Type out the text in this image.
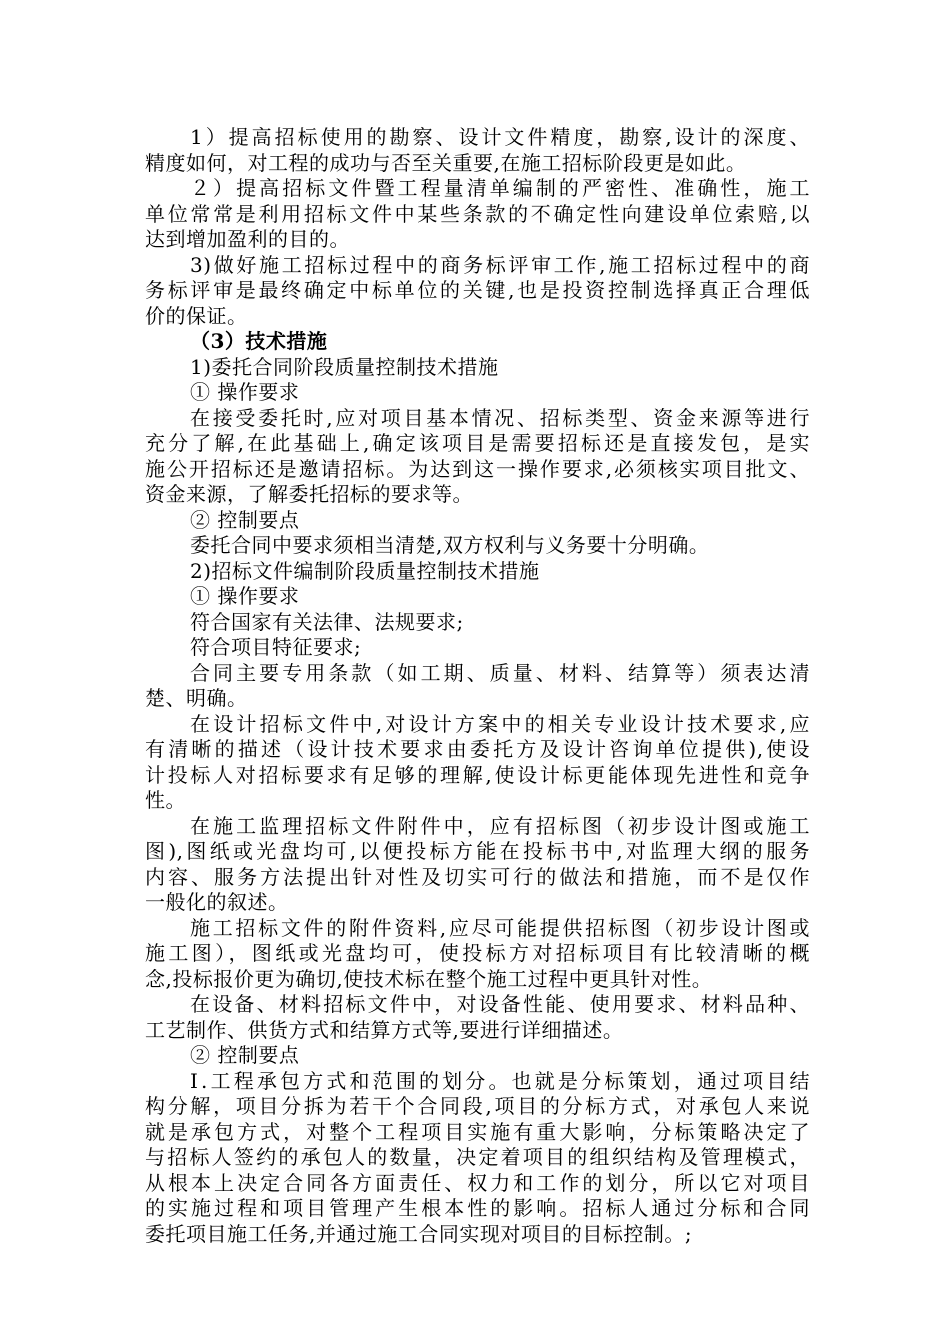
1）提高招标使用的勘察、设计文件精度，勘察,设计的深度、
精度如何，对工程的成功与否至关重要,在施工招标阶段更是如此。
２）提高招标文件暨工程量清单编制的严密性、准确性，施工
单位常常是利用招标文件中某些条款的不确定性向建设单位索赔,以
达到增加盈利的目的。
3)做好施工招标过程中的商务标评审工作,施工招标过程中的商
务标评审是最终确定中标单位的关键,也是投资控制选择真正合理低
价的保证。
（3）技术措施
1)委托合同阶段质量控制技术措施
① 操作要求
在接受委托时,应对项目基本情况、招标类型、资金来源等进行
充分了解,在此基础上,确定该项目是需要招标还是直接发包，是实
施公开招标还是邀请招标。为达到这一操作要求,必须核实项目批文、
资金来源，了解委托招标的要求等。
② 控制要点
委托合同中要求须相当清楚,双方权利与义务要十分明确。
2)招标文件编制阶段质量控制技术措施
① 操作要求
符合国家有关法律、法规要求;
符合项目特征要求;
合同主要专用条款（如工期、质量、材料、结算等）须表达清
楚、明确。
在设计招标文件中,对设计方案中的相关专业设计技术要求,应
有清晰的描述（设计技术要求由委托方及设计咨询单位提供),使设
计投标人对招标要求有足够的理解,使设计标更能体现先进性和竞争
性。
在施工监理招标文件附件中，应有招标图（初步设计图或施工
图),图纸或光盘均可,以便投标方能在投标书中,对监理大纲的服务
内容、服务方法提出针对性及切实可行的做法和措施，而不是仅作
一般化的叙述。
施工招标文件的附件资料,应尽可能提供招标图（初步设计图或
施工图），图纸或光盘均可，使投标方对招标项目有比较清晰的概
念,投标报价更为确切,使技术标在整个施工过程中更具针对性。
在设备、材料招标文件中，对设备性能、使用要求、材料品种、
工艺制作、供货方式和结算方式等,要进行详细描述。
② 控制要点
Ⅰ.工程承包方式和范围的划分。也就是分标策划，通过项目结
构分解，项目分拆为若干个合同段,项目的分标方式，对承包人来说
就是承包方式，对整个工程项目实施有重大影响，分标策略决定了
与招标人签约的承包人的数量，决定着项目的组织结构及管理模式，
从根本上决定合同各方面责任、权力和工作的划分，所以它对项目
的实施过程和项目管理产生根本性的影响。招标人通过分标和合同
委托项目施工任务,并通过施工合同实现对项目的目标控制。;
